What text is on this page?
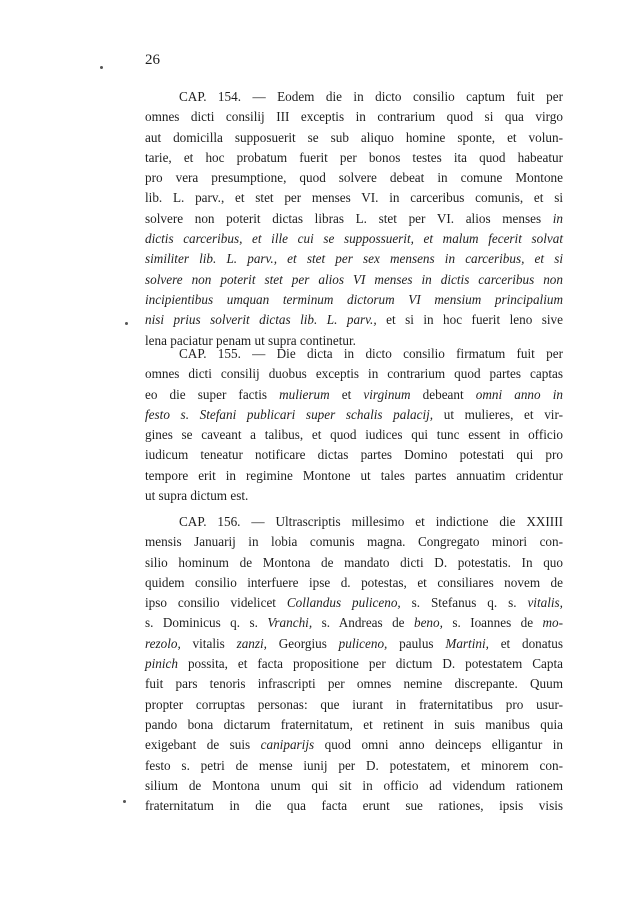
26
CAP. 154. — Eodem die in dicto consilio captum fuit per
omnes dicti consilij III exceptis in contrarium quod si qua virgo
aut domicilla supposuerit se sub aliquo homine sponte, et volun-
tarie, et hoc probatum fuerit per bonos testes ita quod habeatur
pro vera presumptione, quod solvere debeat in comune Montone
lib. L. parv., et stet per menses VI. in carceribus comunis, et si
solvere non poterit dictas libras L. stet per VI. alios menses in
dictis carceribus, et ille cui se suppossuerit, et malum fecerit solvat
similiter lib. L. parv., et stet per sex mensens in carceribus, et si
solvere non poterit stet per alios VI menses in dictis carceribus non
incipientibus umquan terminum dictorum VI mensium principalium
nisi prius solverit dictas lib. L. parv., et si in hoc fuerit leno sive
lena paciatur penam ut supra continetur.
CAP. 155. — Die dicta in dicto consilio firmatum fuit per
omnes dicti consilij duobus exceptis in contrarium quod partes captas
eo die super factis mulierum et virginum debeant omni anno in
festo s. Stefani publicari super schalis palacij, ut mulieres, et vir-
gines se caveant a talibus, et quod iudices qui tunc essent in officio
iudicum teneatur notificare dictas partes Domino potestati qui pro
tempore erit in regimine Montone ut tales partes annuatim cridentur
ut supra dictum est.
CAP. 156. — Ultrascriptis millesimo et indictione die XXIIII
mensis Januarij in lobia comunis magna. Congregato minori con-
silio hominum de Montona de mandato dicti D. potestatis. In quo
quidem consilio interfuere ipse d. potestas, et consiliares novem de
ipso consilio videlicet Collandus puliceno, s. Stefanus q. s. vitalis,
s. Dominicus q. s. Vranchi, s. Andreas de beno, s. Ioannes de mo-
rezolo, vitalis zanzi, Georgius puliceno, paulus Martini, et donatus
pinich possita, et facta propositione per dictum D. potestatem Capta
fuit pars tenoris infrascripti per omnes nemine discrepante. Quum
propter corruptas personas: que iurant in fraternitatibus pro usur-
pando bona dictarum fraternitatum, et retinent in suis manibus quia
exigebant de suis caniparijs quod omni anno deinceps elligantur in
festo s. petri de mense iunij per D. potestatem, et minorem con-
silium de Montona unum qui sit in officio ad videndum rationem
fraternitatum in die qua facta erunt sue rationes, ipsis visis
